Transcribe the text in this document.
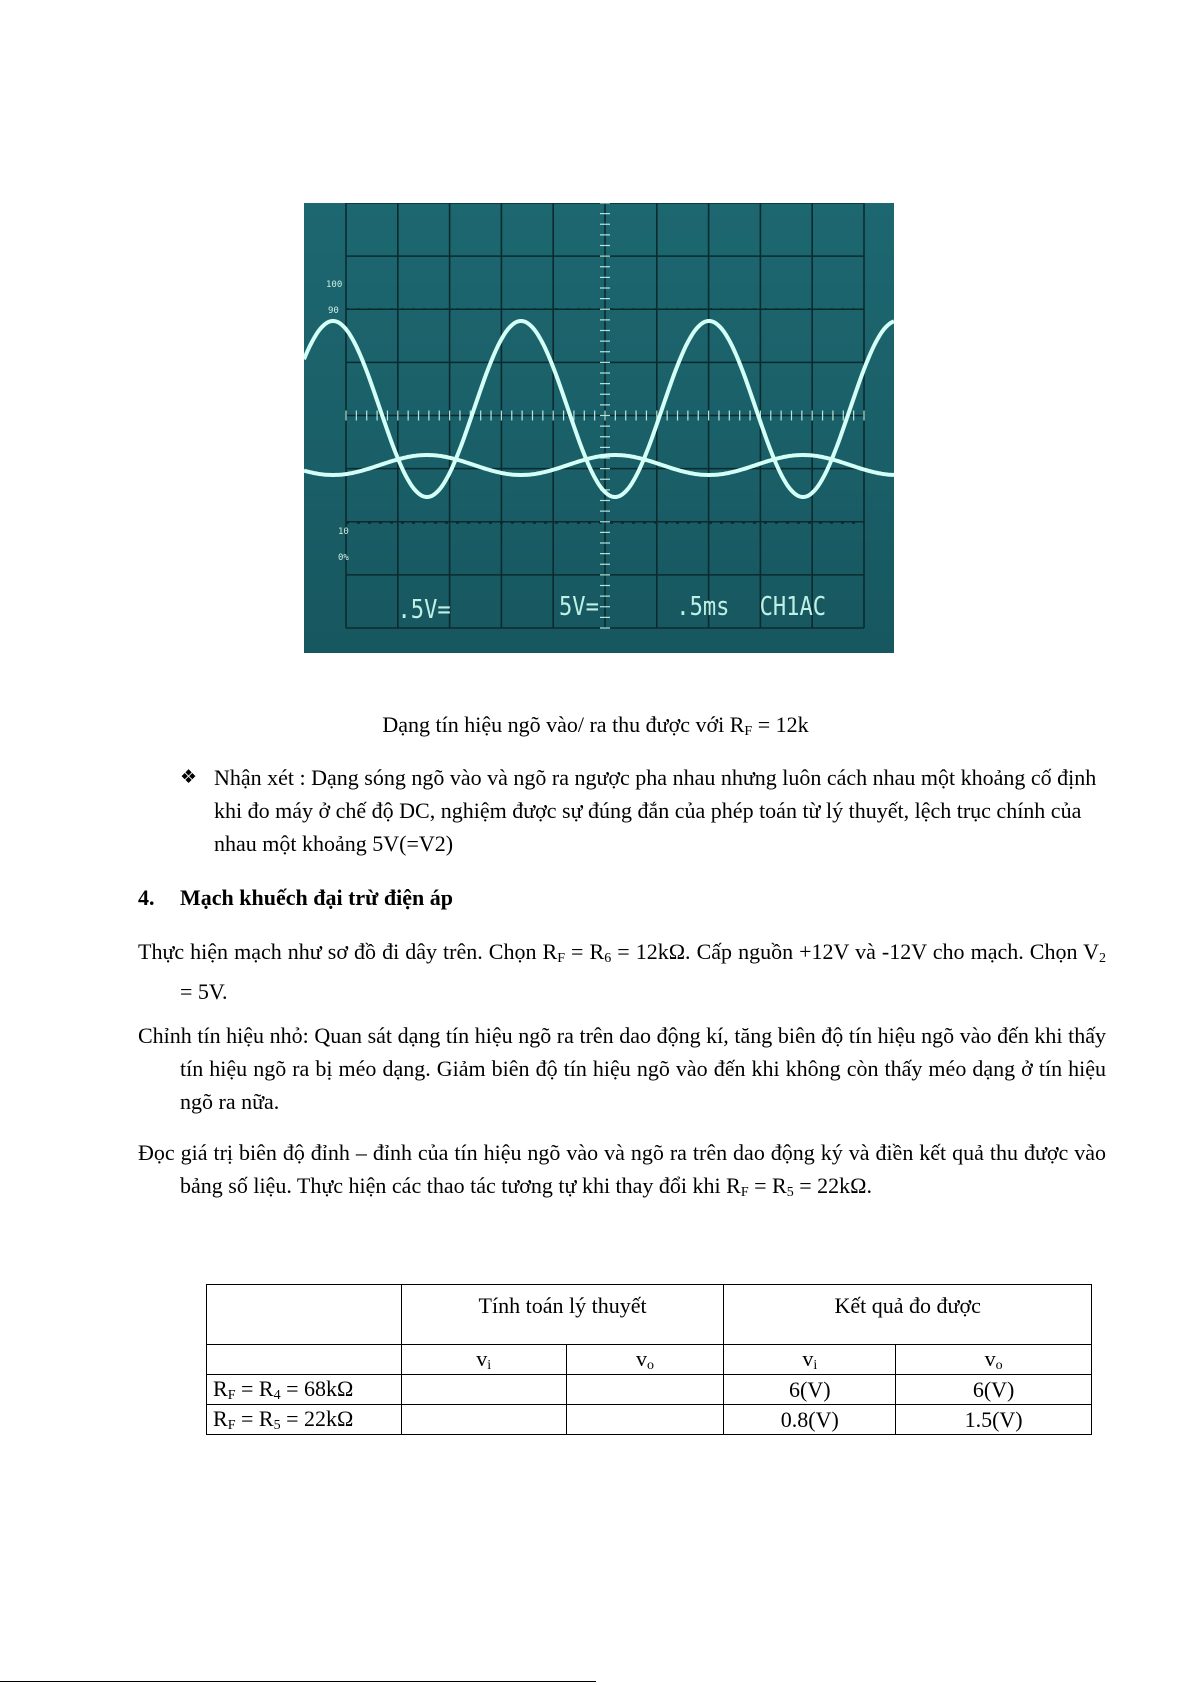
100
90
10
0%
.5V=	5V=	.5ms CH1AC
Dạng tín hiệu ngõ vào/ ra thu được với $R_F = 12k$
❖ Nhận xét : Dạng sóng ngõ vào và ngõ ra ngược pha nhau nhưng luôn cách nhau một khoảng cố định khi đo máy ở chế độ DC, nghiệm được sự đúng đắn của phép toán từ lý thuyết, lệch trục chính của nhau một khoảng 5V(=V2)
4. Mạch khuếch đại trừ điện áp
Thực hiện mạch như sơ đồ đi dây trên. Chọn $R_F = R_6 = 12k\Omega$. Cấp nguồn +12V và -12V cho mạch. Chọn $V_2 = 5V$.
Chỉnh tín hiệu nhỏ: Quan sát dạng tín hiệu ngõ ra trên dao động kí, tăng biên độ tín hiệu ngõ vào đến khi thấy tín hiệu ngõ ra bị méo dạng. Giảm biên độ tín hiệu ngõ vào đến khi không còn thấy méo dạng ở tín hiệu ngõ ra nữa.
Đọc giá trị biên độ đỉnh – đỉnh của tín hiệu ngõ vào và ngõ ra trên dao động ký và điền kết quả thu được vào bảng số liệu. Thực hiện các thao tác tương tự khi thay đổi khi $R_F = R_5 = 22k\Omega$.
	Tính toán lý thuyết		Kết quả đo được	
	$v_i$	$v_o$	$v_i$	$v_o$
$R_F = R_4 = 68k\Omega$			6(V)	6(V)
$R_F = R_5 = 22k\Omega$			0.8(V)	1.5(V)
